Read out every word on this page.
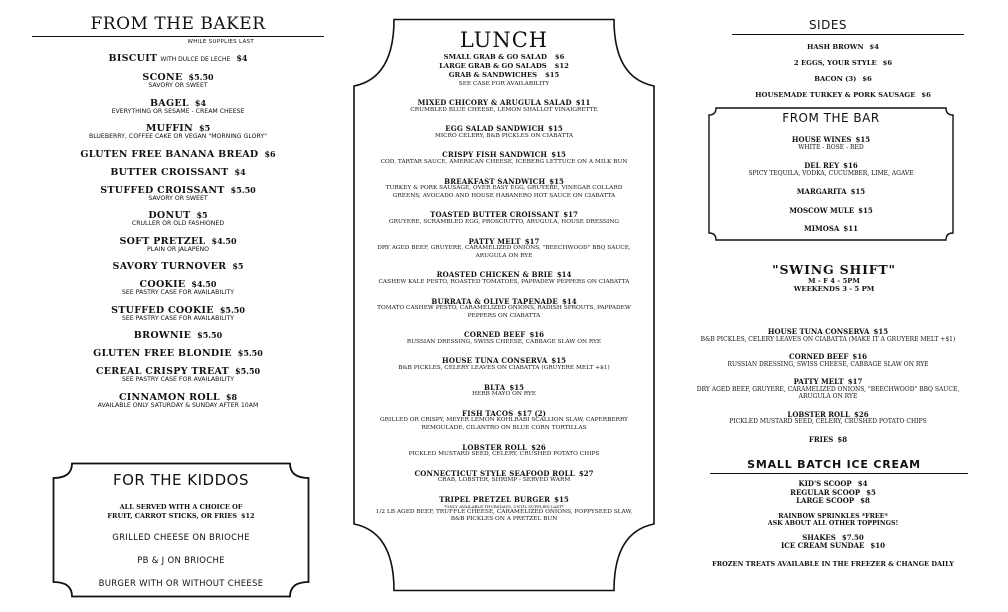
FROM THE BAKER
WHILE SUPPLIES LAST
BISCUIT WITH DULCE DE LECHE $4
SCONE $5.50
SAVORY OR SWEET
BAGEL $4
EVERYTHING OR SESAME - CREAM CHEESE
MUFFIN $5
BLUEBERRY, COFFEE CAKE OR VEGAN "MORNING GLORY"
GLUTEN FREE BANANA BREAD $6
BUTTER CROISSANT $4
STUFFED CROISSANT $5.50
SAVORY OR SWEET
DONUT $5
CRULLER OR OLD FASHIONED
SOFT PRETZEL $4.50
PLAIN OR JALAPENO
SAVORY TURNOVER $5
COOKIE $4.50
SEE PASTRY CASE FOR AVAILABILITY
STUFFED COOKIE $5.50
SEE PASTRY CASE FOR AVAILABILITY
BROWNIE $5.50
GLUTEN FREE BLONDIE $5.50
CEREAL CRISPY TREAT $5.50
SEE PASTRY CASE FOR AVAILABILITY
CINNAMON ROLL $8
AVAILABLE ONLY SATURDAY & SUNDAY AFTER 10AM
FOR THE KIDDOS
ALL SERVED WITH A CHOICE OF
FRUIT, CARROT STICKS, OR FRIES $12
GRILLED CHEESE ON BRIOCHE
PB & J ON BRIOCHE
BURGER WITH OR WITHOUT CHEESE
LUNCH
SMALL GRAB & GO SALAD $6
LARGE GRAB & GO SALADS $12
GRAB & SANDWICHES $15
SEE CASE FOR AVAILABILITY
MIXED CHICORY & ARUGULA SALAD $11
CRUMBLED BLUE CHEESE, LEMON SHALLOT VINAIGRETTE
EGG SALAD SANDWICH $15
MICRO CELERY, B&B PICKLES ON CIABATTA
CRISPY FISH SANDWICH $15
COD, TARTAR SAUCE, AMERICAN CHEESE, ICEBERG LETTUCE ON A MILK BUN
BREAKFAST SANDWICH $15
TURKEY & PORK SAUSAGE, OVER EASY EGG, GRUYERE, VINEGAR COLLARD GREENS, AVOCADO AND HOUSE HABANERO HOT SAUCE ON CIABATTA
TOASTED BUTTER CROISSANT $17
GRUYERE, SCRAMBLED EGG, PROSCIUTTO, ARUGULA, HOUSE DRESSING
PATTY MELT $17
DRY AGED BEEF, GRUYERE, CARAMELIZED ONIONS, "BEECHWOOD" BBQ SAUCE, ARUGULA ON RYE
ROASTED CHICKEN & BRIE $14
CASHEW KALE PESTO, ROASTED TOMATOES, PAPPADEW PEPPERS ON CIABATTA
BURRATA & OLIVE TAPENADE $14
TOMATO CASHEW PESTO, CARAMELIZED ONIONS, RADISH SPROUTS, PAPPADEW PEPPERS ON CIABATTA
CORNED BEEF $16
RUSSIAN DRESSING, SWISS CHEESE, CABBAGE SLAW ON RYE
HOUSE TUNA CONSERVA $15
B&B PICKLES, CELERY LEAVES ON CIABATTA (GRUYERE MELT +$1)
BLTA $15
HERB MAYO ON RYE
FISH TACOS $17 (2)
GRILLED OR CRISPY, MEYER LEMON KOHLRABI SCALLION SLAW, CAPERBERRY REMOULADE, CILANTRO ON BLUE CORN TORTILLAS
LOBSTER ROLL $26
PICKLED MUSTARD SEED, CELERY, CRUSHED POTATO CHIPS
CONNECTICUT STYLE SEAFOOD ROLL $27
CRAB, LOBSTER, SHRIMP - SERVED WARM
TRIPEL PRETZEL BURGER $15
*ONLY AVAILABLE THURSDAYS, UNTIL SUPPLIES LAST*
1/2 LB AGED BEEF, TRUFFLE CHEESE, CARAMELIZED ONIONS, POPPYSEED SLAW, B&B PICKLES ON A PRETZEL BUN
SIDES
HASH BROWN $4
2 EGGS, YOUR STYLE $6
BACON (3) $6
HOUSEMADE TURKEY & PORK SAUSAGE $6
FROM THE BAR
HOUSE WINES $15
WHITE - ROSE - RED
DEL REY $16
SPICY TEQUILA, VODKA, CUCUMBER, LIME, AGAVE
MARGARITA $15
MOSCOW MULE $15
MIMOSA $11
"SWING SHIFT"
M - F 4 - 5PM
WEEKENDS 3 - 5 PM
HOUSE TUNA CONSERVA $15
B&B PICKLES, CELERY LEAVES ON CIABATTA (MAKE IT A GRUYERE MELT +$1)
CORNED BEEF $16
RUSSIAN DRESSING, SWISS CHEESE, CABBAGE SLAW ON RYE
PATTY MELT $17
DRY AGED BEEF, GRUYERE, CARAMELIZED ONIONS, "BEECHWOOD" BBQ SAUCE, ARUGULA ON RYE
LOBSTER ROLL $26
PICKLED MUSTARD SEED, CELERY, CRUSHED POTATO CHIPS
FRIES $8
SMALL BATCH ICE CREAM
KID'S SCOOP $4
REGULAR SCOOP $5
LARGE SCOOP $8
RAINBOW SPRINKLES *FREE*
ASK ABOUT ALL OTHER TOPPINGS!
SHAKES $7.50
ICE CREAM SUNDAE $10
FROZEN TREATS AVAILABLE IN THE FREEZER & CHANGE DAILY
